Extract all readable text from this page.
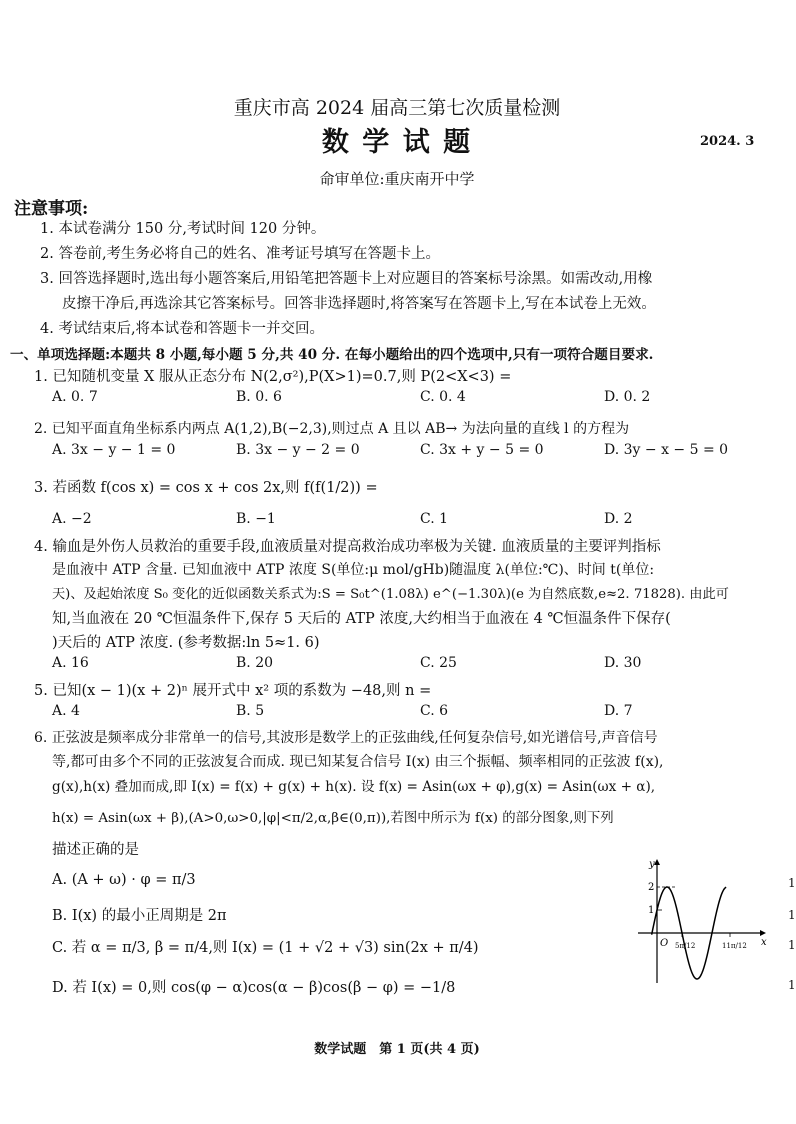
重庆市高 2024 届高三第七次质量检测
数 学 试 题	2024. 3
命审单位:重庆南开中学
注意事项:
1. 本试卷满分 150 分,考试时间 120 分钟。
2. 答卷前,考生务必将自己的姓名、准考证号填写在答题卡上。
3. 回答选择题时,选出每小题答案后,用铅笔把答题卡上对应题目的答案标号涂黑。如需改动,用橡
皮擦干净后,再选涂其它答案标号。回答非选择题时,将答案写在答题卡上,写在本试卷上无效。
4. 考试结束后,将本试卷和答题卡一并交回。
一、单项选择题:本题共 8 小题,每小题 5 分,共 40 分. 在每小题给出的四个选项中,只有一项符合题目要求.
1. 已知随机变量 X 服从正态分布 N(2,σ²),P(X>1)=0.7,则 P(2<X<3) =
A. 0. 7	B. 0. 6	C. 0. 4	D. 0. 2
2. 已知平面直角坐标系内两点 A(1,2),B(−2,3),则过点 A 且以 AB→ 为法向量的直线 l 的方程为
A. 3x − y − 1 = 0	B. 3x − y − 2 = 0	C. 3x + y − 5 = 0	D. 3y − x − 5 = 0
3. 若函数 f(cos x) = cos x + cos 2x,则 f(f(1/2)) =
A. −2	B. −1	C. 1	D. 2
4. 输血是外伤人员救治的重要手段,血液质量对提高救治成功率极为关键. 血液质量的主要评判指标
是血液中 ATP 含量. 已知血液中 ATP 浓度 S(单位:μ mol/gHb)随温度 λ(单位:℃)、时间 t(单位:
天)、及起始浓度 S₀ 变化的近似函数关系式为:S = S₀t^(1.08λ) e^(−1.30λ)(e 为自然底数,e≈2. 71828). 由此可
知,当血液在 20 ℃恒温条件下,保存 5 天后的 ATP 浓度,大约相当于血液在 4 ℃恒温条件下保存(
)天后的 ATP 浓度. (参考数据:ln 5≈1. 6)
A. 16	B. 20	C. 25	D. 30
5. 已知(x − 1)(x + 2)ⁿ 展开式中 x² 项的系数为 −48,则 n =
A. 4	B. 5	C. 6	D. 7
6. 正弦波是频率成分非常单一的信号,其波形是数学上的正弦曲线,任何复杂信号,如光谱信号,声音信号
等,都可由多个不同的正弦波复合而成. 现已知某复合信号 I(x) 由三个振幅、频率相同的正弦波 f(x),
g(x),h(x) 叠加而成,即 I(x) = f(x) + g(x) + h(x). 设 f(x) = Asin(ωx + φ),g(x) = Asin(ωx + α),
h(x) = Asin(ωx + β),(A>0,ω>0,|φ|<π/2,α,β∈(0,π)),若图中所示为 f(x) 的部分图象,则下列
描述正确的是
A. (A + ω) · φ = π/3
B. I(x) 的最小正周期是 2π
C. 若 α = π/3, β = π/4,则 I(x) = (1 + √2 + √3) sin(2x + π/4)
D. 若 I(x) = 0,则 cos(φ − α)cos(α − β)cos(β − φ) = −1/8
y
x
O
2
1
5π/12	11π/12
1
1
1
1
数学试题　第 1 页(共 4 页)
